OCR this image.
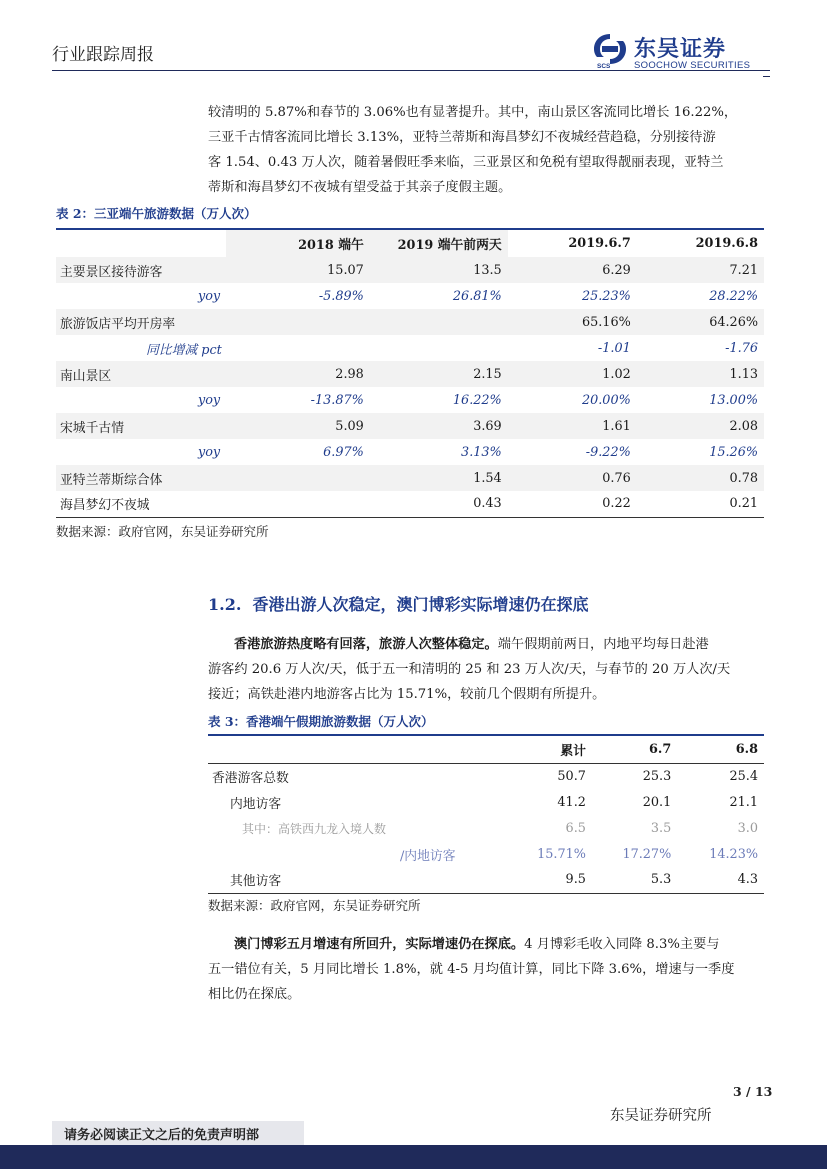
行业跟踪周报
SCS
东吴证券
SOOCHOW SECURITIES
较清明的 5.87%和春节的 3.06%也有显著提升。其中，南山景区客流同比增长 16.22%，
三亚千古情客流同比增长 3.13%，亚特兰蒂斯和海昌梦幻不夜城经营趋稳，分别接待游
客 1.54、0.43 万人次，随着暑假旺季来临，三亚景区和免税有望取得靓丽表现，亚特兰
蒂斯和海昌梦幻不夜城有望受益于其亲子度假主题。
表 2：三亚端午旅游数据（万人次）
	2018 端午	2019 端午前两天	2019.6.7	2019.6.8
主要景区接待游客	15.07	13.5	6.29	7.21
yoy	-5.89%	26.81%	25.23%	28.22%
旅游饭店平均开房率			65.16%	64.26%
同比增减 pct			-1.01	-1.76
南山景区	2.98	2.15	1.02	1.13
yoy	-13.87%	16.22%	20.00%	13.00%
宋城千古情	5.09	3.69	1.61	2.08
yoy	6.97%	3.13%	-9.22%	15.26%
亚特兰蒂斯综合体		1.54	0.76	0.78
海昌梦幻不夜城		0.43	0.22	0.21
数据来源：政府官网，东吴证券研究所
1.2. 香港出游人次稳定，澳门博彩实际增速仍在探底
香港旅游热度略有回落，旅游人次整体稳定。端午假期前两日，内地平均每日赴港
游客约 20.6 万人次/天，低于五一和清明的 25 和 23 万人次/天，与春节的 20 万人次/天
接近；高铁赴港内地游客占比为 15.71%，较前几个假期有所提升。
表 3：香港端午假期旅游数据（万人次）
	累计	6.7	6.8
香港游客总数	50.7	25.3	25.4
内地访客	41.2	20.1	21.1
其中：高铁西九龙入境人数	6.5	3.5	3.0
/内地访客	15.71%	17.27%	14.23%
其他访客	9.5	5.3	4.3
数据来源：政府官网，东吴证券研究所
澳门博彩五月增速有所回升，实际增速仍在探底。4 月博彩毛收入同降 8.3%主要与
五一错位有关，5 月同比增长 1.8%，就 4-5 月均值计算，同比下降 3.6%，增速与一季度
相比仍在探底。
3 / 13
东吴证券研究所
请务必阅读正文之后的免责声明部
